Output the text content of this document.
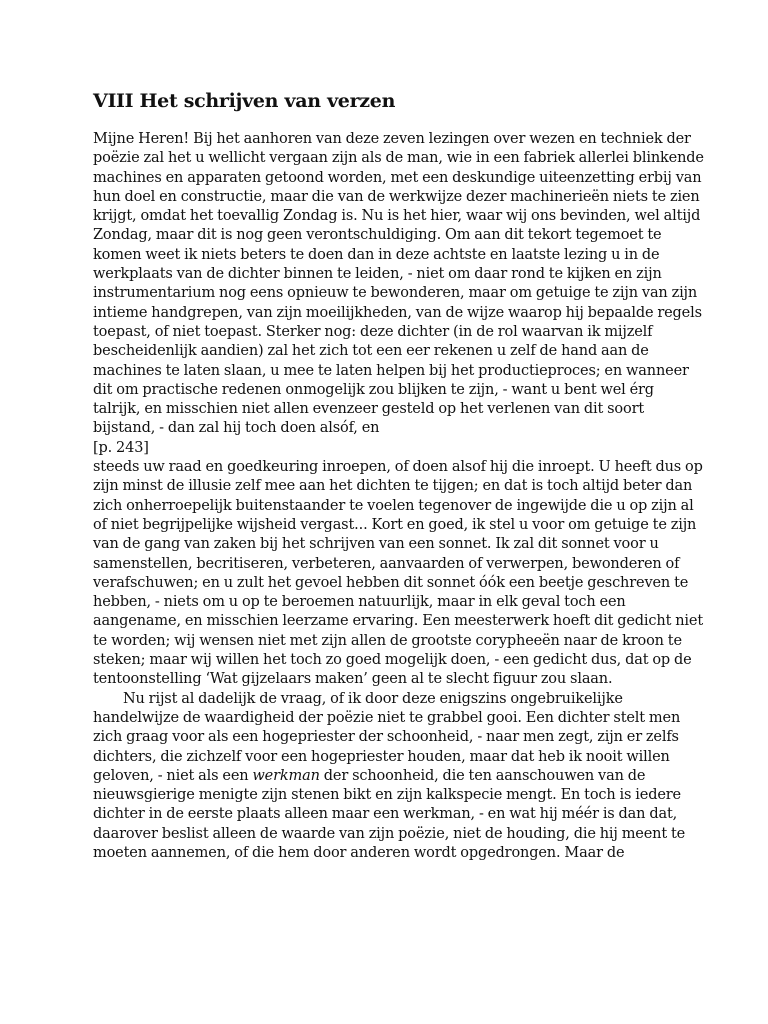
VIII Het schrijven van verzen

Mijne Heren! Bij het aanhoren van deze zeven lezingen over wezen en techniek der poëzie zal het u wellicht vergaan zijn als de man, wie in een fabriek allerlei blinkende machines en apparaten getoond worden, met een deskundige uiteenzetting erbij van hun doel en constructie, maar die van de werkwijze dezer machinerieën niets te zien krijgt, omdat het toevallig Zondag is. Nu is het hier, waar wij ons bevinden, wel altijd Zondag, maar dit is nog geen verontschuldiging. Om aan dit tekort tegemoet te komen weet ik niets beters te doen dan in deze achtste en laatste lezing u in de werkplaats van de dichter binnen te leiden, - niet om daar rond te kijken en zijn instrumentarium nog eens opnieuw te bewonderen, maar om getuige te zijn van zijn intieme handgrepen, van zijn moeilijkheden, van de wijze waarop hij bepaalde regels toepast, of niet toepast. Sterker nog: deze dichter (in de rol waarvan ik mijzelf bescheidenlijk aandien) zal het zich tot een eer rekenen u zelf de hand aan de machines te laten slaan, u mee te laten helpen bij het productieproces; en wanneer dit om practische redenen onmogelijk zou blijken te zijn, - want u bent wel érg talrijk, en misschien niet allen evenzeer gesteld op het verlenen van dit soort bijstand, - dan zal hij toch doen alsóf, en

[p. 243]

steeds uw raad en goedkeuring inroepen, of doen alsof hij die inroept. U heeft dus op zijn minst de illusie zelf mee aan het dichten te tijgen; en dat is toch altijd beter dan zich onherroepelijk buitenstaander te voelen tegenover de ingewijde die u op zijn al of niet begrijpelijke wijsheid vergast... Kort en goed, ik stel u voor om getuige te zijn van de gang van zaken bij het schrijven van een sonnet. Ik zal dit sonnet voor u samenstellen, becritiseren, verbeteren, aanvaarden of verwerpen, bewonderen of verafschuwen; en u zult het gevoel hebben dit sonnet óók een beetje geschreven te hebben, - niets om u op te beroemen natuurlijk, maar in elk geval toch een aangename, en misschien leerzame ervaring. Een meesterwerk hoeft dit gedicht niet te worden; wij wensen niet met zijn allen de grootste corypheeën naar de kroon te steken; maar wij willen het toch zo goed mogelijk doen, - een gedicht dus, dat op de tentoonstelling ‘Wat gijzelaars maken’ geen al te slecht figuur zou slaan.

Nu rijst al dadelijk de vraag, of ik door deze enigszins ongebruikelijke handelwijze de waardigheid der poëzie niet te grabbel gooi. Een dichter stelt men zich graag voor als een hogepriester der schoonheid, - naar men zegt, zijn er zelfs dichters, die zichzelf voor een hogepriester houden, maar dat heb ik nooit willen geloven, - niet als een werkman der schoonheid, die ten aanschouwen van de nieuwsgierige menigte zijn stenen bikt en zijn kalkspecie mengt. En toch is iedere dichter in de eerste plaats alleen maar een werkman, - en wat hij méér is dan dat, daarover beslist alleen de waarde van zijn poëzie, niet de houding, die hij meent te moeten aannemen, of die hem door anderen wordt opgedrongen. Maar de
